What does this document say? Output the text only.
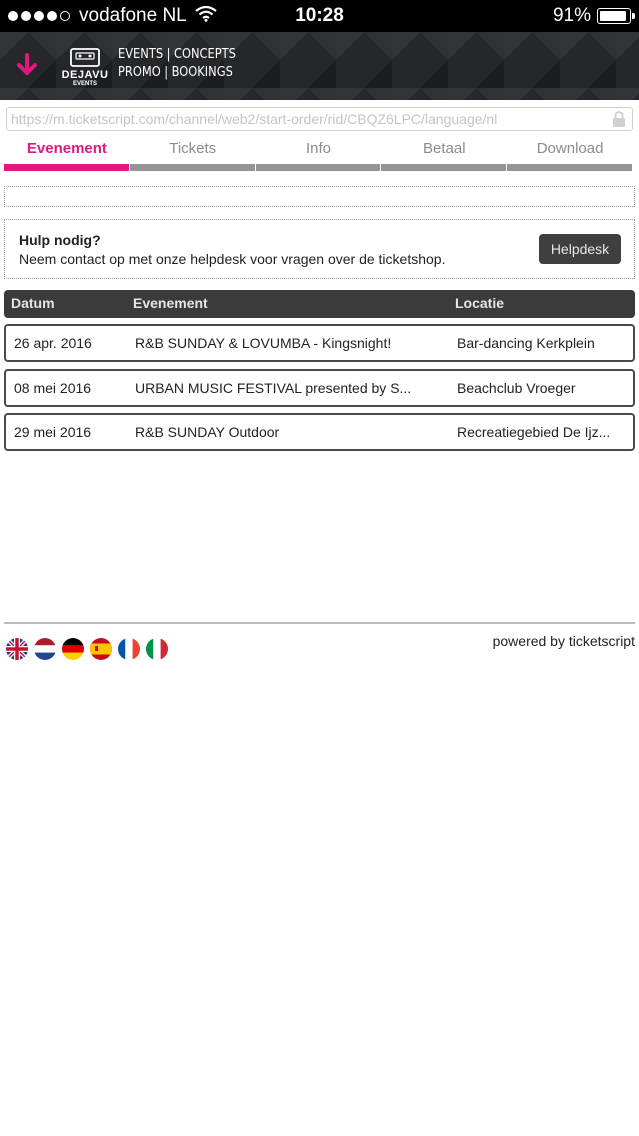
vodafone NL	10:28	91%
DEJAVU
EVENTS
EVENTS | CONCEPTS
PROMO | BOOKINGS
https://m.ticketscript.com/channel/web2/start-order/rid/CBQZ6LPC/language/nl
Evenement	Tickets	Info	Betaal	Download
Hulp nodig?
Neem contact op met onze helpdesk voor vragen over de ticketshop.
Helpdesk
Datum	Evenement	Locatie
26 apr. 2016	R&B SUNDAY & LOVUMBA - Kingsnight!	Bar-dancing Kerkplein
08 mei 2016	URBAN MUSIC FESTIVAL presented by S...	Beachclub Vroeger
29 mei 2016	R&B SUNDAY Outdoor	Recreatiegebied De Ijz...
powered by ticketscript
